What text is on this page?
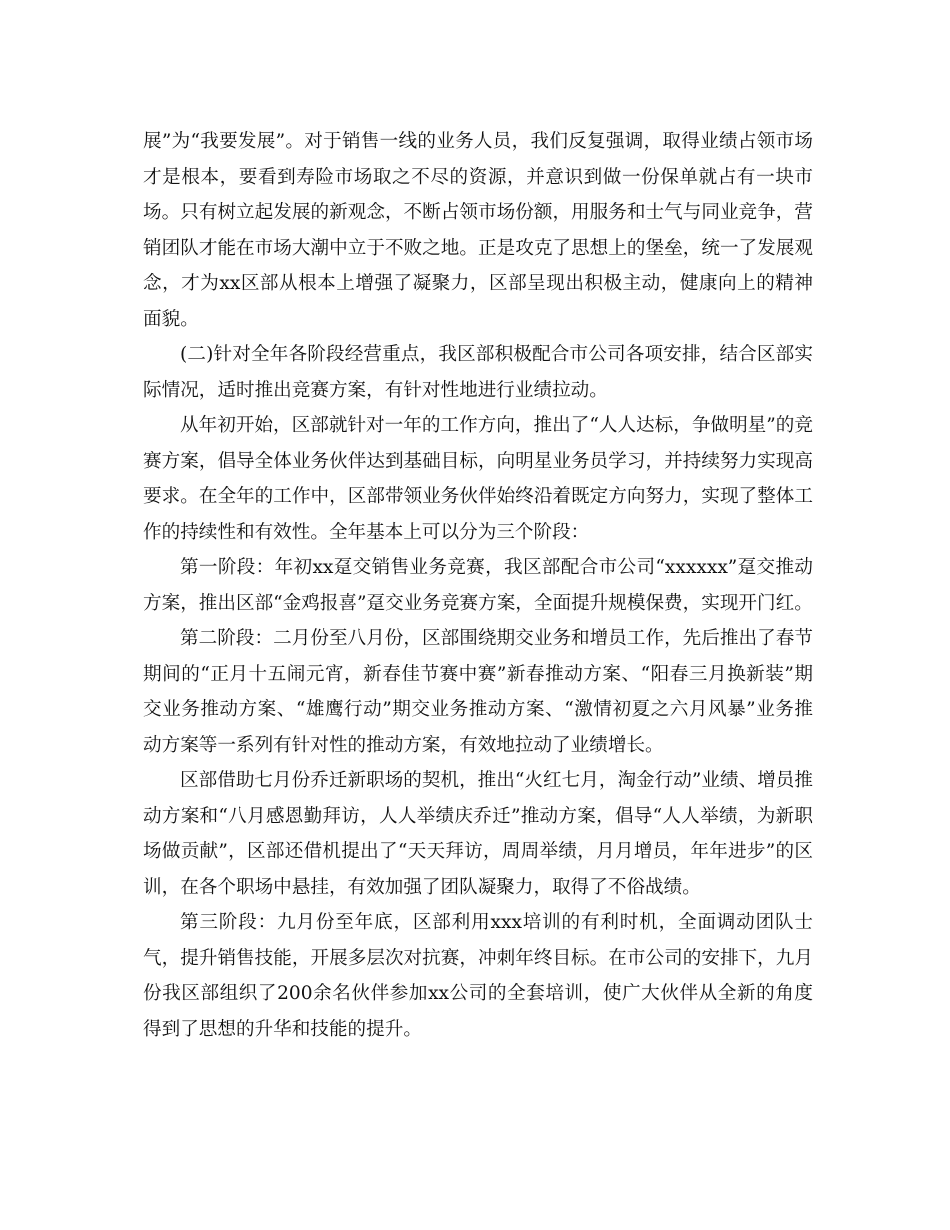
展”为“我要发展”。对于销售一线的业务人员，我们反复强调，取得业绩占领市场才是根本，要看到寿险市场取之不尽的资源，并意识到做一份保单就占有一块市场。只有树立起发展的新观念，不断占领市场份额，用服务和士气与同业竞争，营销团队才能在市场大潮中立于不败之地。正是攻克了思想上的堡垒，统一了发展观念，才为xx区部从根本上增强了凝聚力，区部呈现出积极主动，健康向上的精神面貌。

(二)针对全年各阶段经营重点，我区部积极配合市公司各项安排，结合区部实际情况，适时推出竞赛方案，有针对性地进行业绩拉动。

从年初开始，区部就针对一年的工作方向，推出了“人人达标，争做明星”的竞赛方案，倡导全体业务伙伴达到基础目标，向明星业务员学习，并持续努力实现高要求。在全年的工作中，区部带领业务伙伴始终沿着既定方向努力，实现了整体工作的持续性和有效性。全年基本上可以分为三个阶段：

第一阶段：年初xx趸交销售业务竞赛，我区部配合市公司“xxxxxx”趸交推动方案，推出区部“金鸡报喜”趸交业务竞赛方案，全面提升规模保费，实现开门红。

第二阶段：二月份至八月份，区部围绕期交业务和增员工作，先后推出了春节期间的“正月十五闹元宵，新春佳节赛中赛”新春推动方案、“阳春三月换新装”期交业务推动方案、“雄鹰行动”期交业务推动方案、“激情初夏之六月风暴”业务推动方案等一系列有针对性的推动方案，有效地拉动了业绩增长。

区部借助七月份乔迁新职场的契机，推出“火红七月，淘金行动”业绩、增员推动方案和“八月感恩勤拜访，人人举绩庆乔迁”推动方案，倡导“人人举绩，为新职场做贡献”，区部还借机提出了“天天拜访，周周举绩，月月增员，年年进步”的区训，在各个职场中悬挂，有效加强了团队凝聚力，取得了不俗战绩。

第三阶段：九月份至年底，区部利用xxx培训的有利时机，全面调动团队士气，提升销售技能，开展多层次对抗赛，冲刺年终目标。在市公司的安排下，九月份我区部组织了200余名伙伴参加xx公司的全套培训，使广大伙伴从全新的角度得到了思想的升华和技能的提升。
